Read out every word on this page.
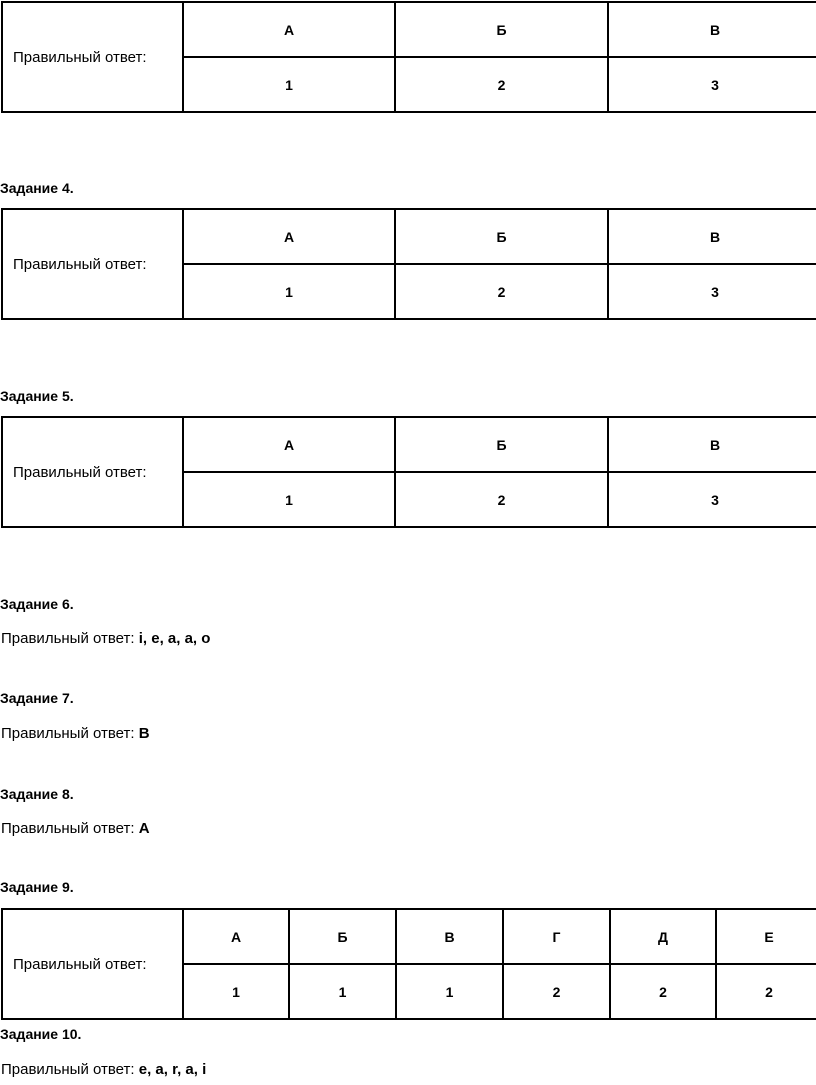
Правильный ответ:	А	Б	В
	1	2	3

Задание 4.

Правильный ответ:	А	Б	В
	1	2	3

Задание 5.

Правильный ответ:	А	Б	В
	1	2	3

Задание 6.

Правильный ответ: i, e, a, a, o

Задание 7.

Правильный ответ: В

Задание 8.

Правильный ответ: А

Задание 9.

Правильный ответ:	А	Б	В	Г	Д	Е
	1	1	1	2	2	2

Задание 10.

Правильный ответ: e, a, r, a, i
